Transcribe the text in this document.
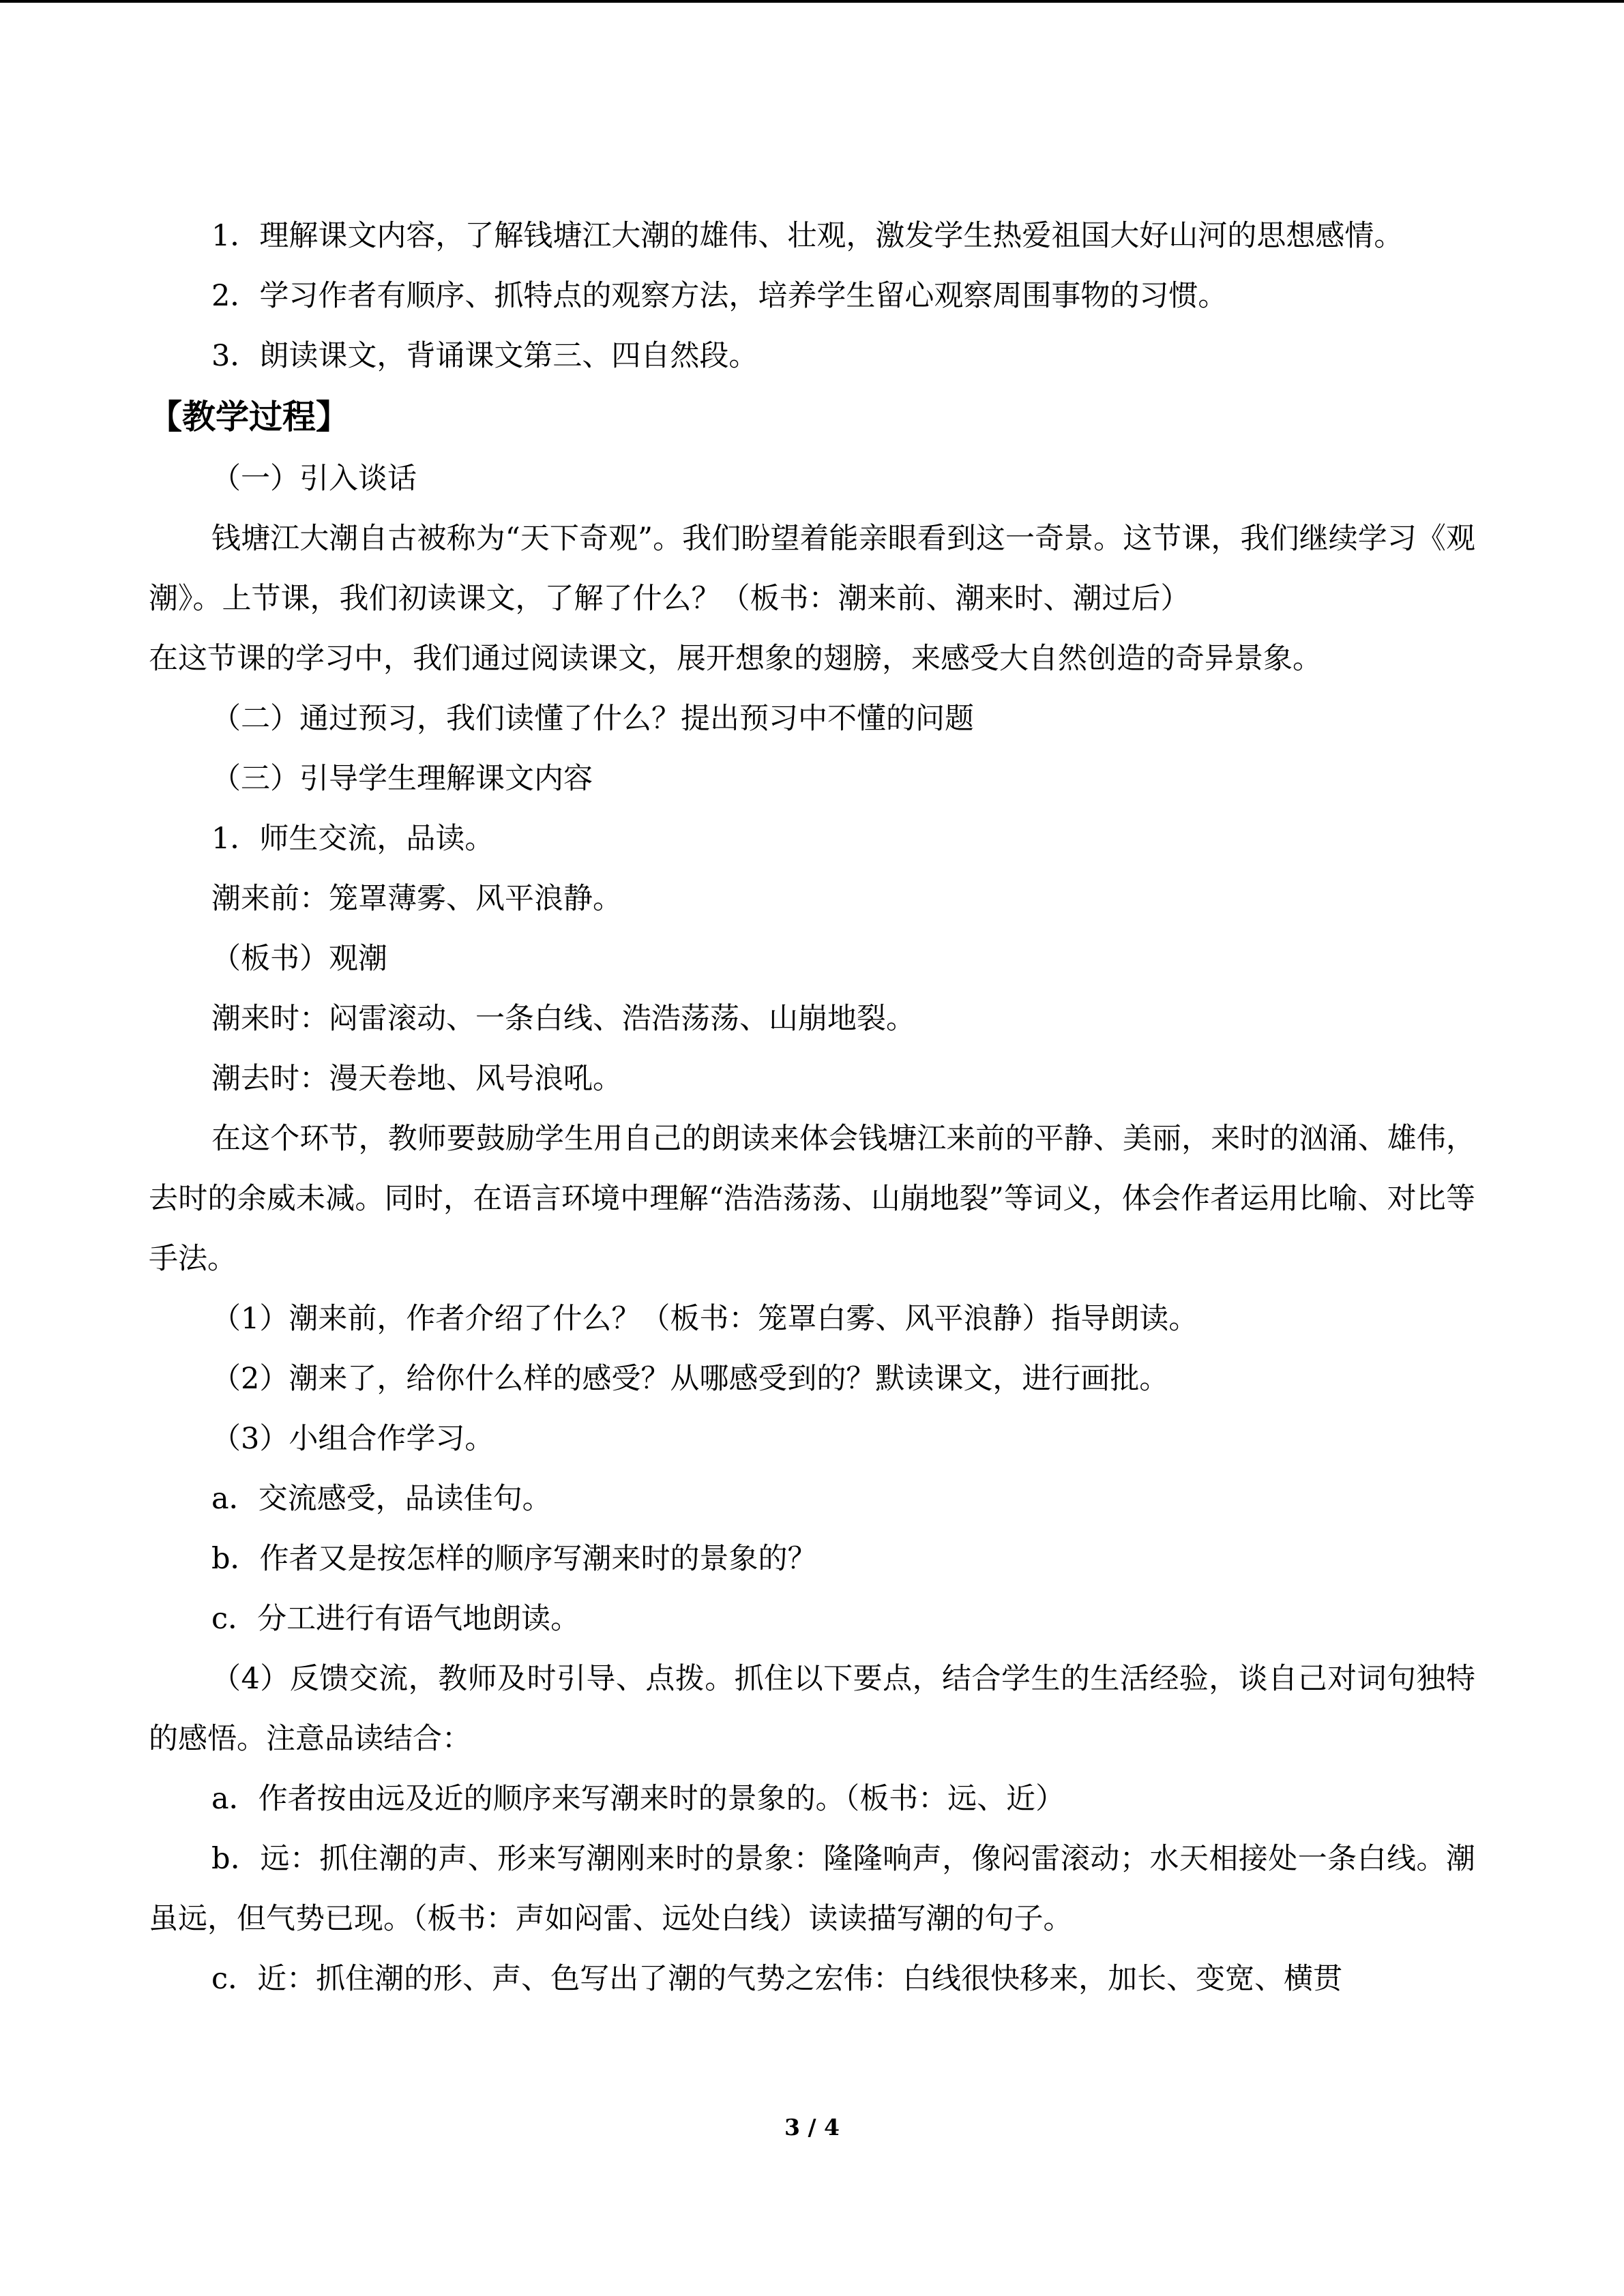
1．理解课文内容，了解钱塘江大潮的雄伟、壮观，激发学生热爱祖国大好山河的思想感情。

2．学习作者有顺序、抓特点的观察方法，培养学生留心观察周围事物的习惯。

3．朗读课文，背诵课文第三、四自然段。

【教学过程】

（一）引入谈话

钱塘江大潮自古被称为“天下奇观”。我们盼望着能亲眼看到这一奇景。这节课，我们继续学习《观潮》。上节课，我们初读课文，了解了什么？（板书：潮来前、潮来时、潮过后）

在这节课的学习中，我们通过阅读课文，展开想象的翅膀，来感受大自然创造的奇异景象。

（二）通过预习，我们读懂了什么？提出预习中不懂的问题

（三）引导学生理解课文内容

1．师生交流，品读。

潮来前：笼罩薄雾、风平浪静。

（板书）观潮

潮来时：闷雷滚动、一条白线、浩浩荡荡、山崩地裂。

潮去时：漫天卷地、风号浪吼。

在这个环节，教师要鼓励学生用自己的朗读来体会钱塘江来前的平静、美丽，来时的汹涌、雄伟，去时的余威未减。同时，在语言环境中理解“浩浩荡荡、山崩地裂”等词义，体会作者运用比喻、对比等手法。

（1）潮来前，作者介绍了什么？（板书：笼罩白雾、风平浪静）指导朗读。

（2）潮来了，给你什么样的感受？从哪感受到的？默读课文，进行画批。

（3）小组合作学习。

a．交流感受，品读佳句。

b．作者又是按怎样的顺序写潮来时的景象的？

c．分工进行有语气地朗读。

（4）反馈交流，教师及时引导、点拨。抓住以下要点，结合学生的生活经验，谈自己对词句独特的感悟。注意品读结合：

a．作者按由远及近的顺序来写潮来时的景象的。（板书：远、近）

b．远：抓住潮的声、形来写潮刚来时的景象：隆隆响声，像闷雷滚动；水天相接处一条白线。潮虽远，但气势已现。（板书：声如闷雷、远处白线）读读描写潮的句子。

c．近：抓住潮的形、声、色写出了潮的气势之宏伟：白线很快移来，加长、变宽、横贯

3 / 4
